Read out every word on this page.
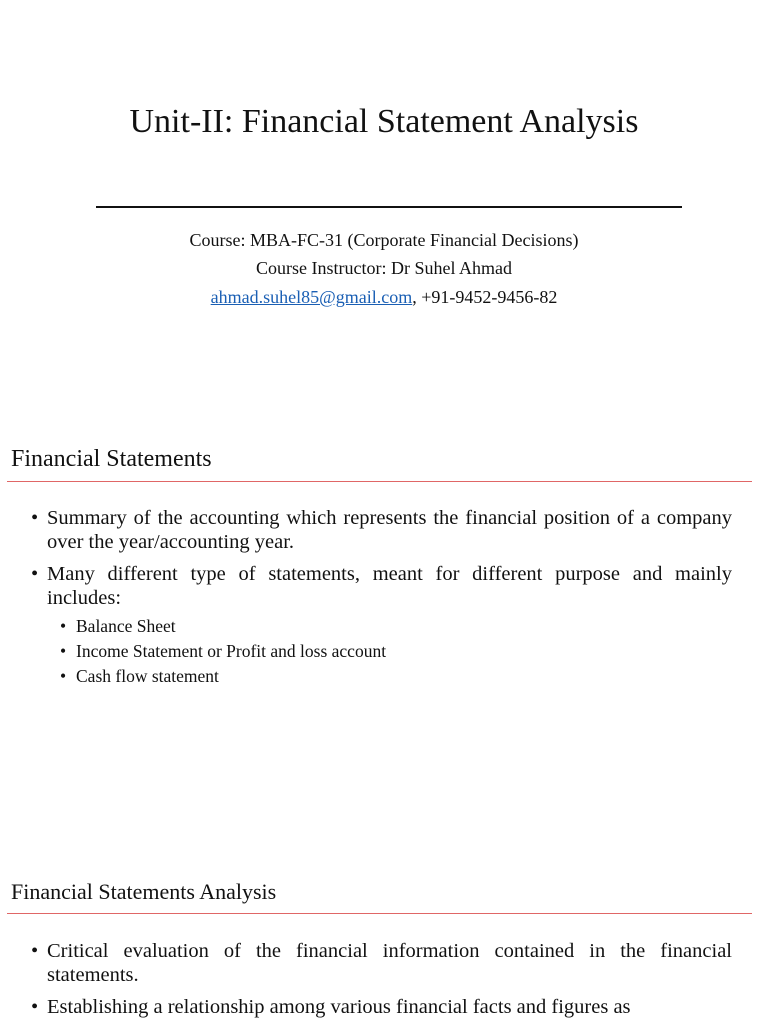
Unit-II: Financial Statement Analysis
Course: MBA-FC-31 (Corporate Financial Decisions)
Course Instructor: Dr Suhel Ahmad
ahmad.suhel85@gmail.com, +91-9452-9456-82
Financial Statements
• Summary of the accounting which represents the financial position of a company over the year/accounting year.
• Many different type of statements, meant for different purpose and mainly includes:
• Balance Sheet
• Income Statement or Profit and loss account
• Cash flow statement
Financial Statements Analysis
• Critical evaluation of the financial information contained in the financial statements.
• Establishing a relationship among various financial facts and figures as
